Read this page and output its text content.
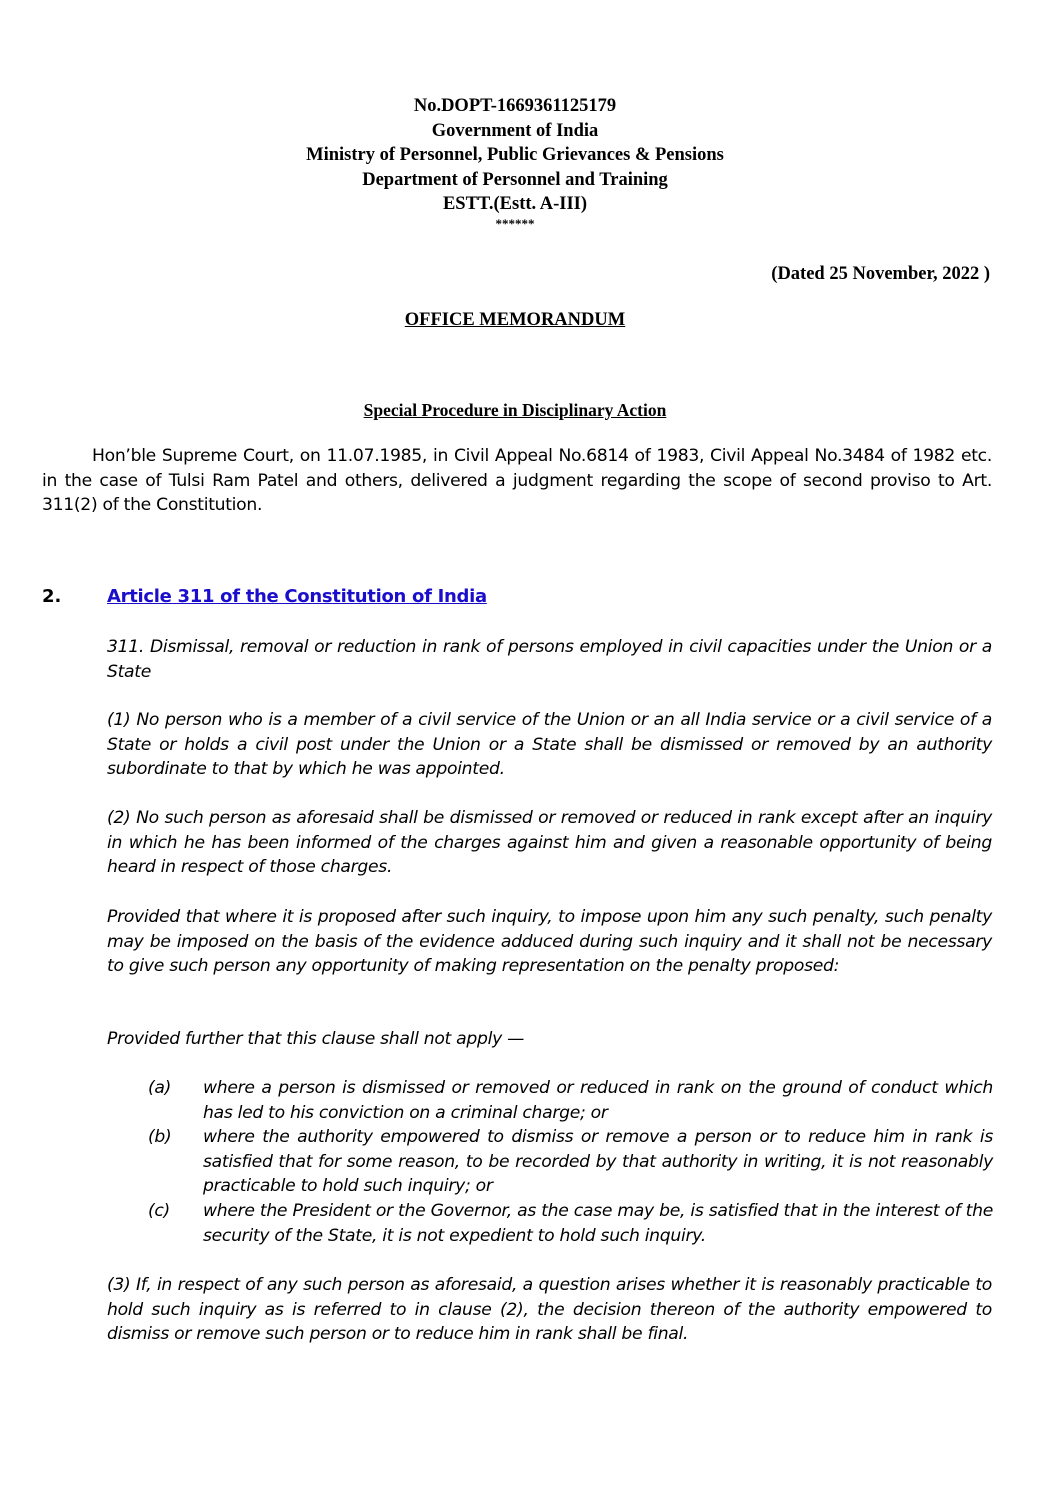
No.DOPT-1669361125179
Government of India
Ministry of Personnel, Public Grievances & Pensions
Department of Personnel and Training
ESTT.(Estt. A-III)
******
(Dated 25 November, 2022 )
OFFICE MEMORANDUM
Special Procedure in Disciplinary Action
Hon’ble Supreme Court, on 11.07.1985, in Civil Appeal No.6814 of 1983, Civil Appeal No.3484 of 1982 etc. in the case of Tulsi Ram Patel and others, delivered a judgment regarding the scope of second proviso to Art. 311(2) of the Constitution.
2.	Article 311 of the Constitution of India
311. Dismissal, removal or reduction in rank of persons employed in civil capacities under the Union or a State
(1) No person who is a member of a civil service of the Union or an all India service or a civil service of a State or holds a civil post under the Union or a State shall be dismissed or removed by an authority subordinate to that by which he was appointed.
(2) No such person as aforesaid shall be dismissed or removed or reduced in rank except after an inquiry in which he has been informed of the charges against him and given a reasonable opportunity of being heard in respect of those charges.
Provided that where it is proposed after such inquiry, to impose upon him any such penalty, such penalty may be imposed on the basis of the evidence adduced during such inquiry and it shall not be necessary to give such person any opportunity of making representation on the penalty proposed:
Provided further that this clause shall not apply —
(a) where a person is dismissed or removed or reduced in rank on the ground of conduct which has led to his conviction on a criminal charge; or
(b) where the authority empowered to dismiss or remove a person or to reduce him in rank is satisfied that for some reason, to be recorded by that authority in writing, it is not reasonably practicable to hold such inquiry; or
(c) where the President or the Governor, as the case may be, is satisfied that in the interest of the security of the State, it is not expedient to hold such inquiry.
(3) If, in respect of any such person as aforesaid, a question arises whether it is reasonably practicable to hold such inquiry as is referred to in clause (2), the decision thereon of the authority empowered to dismiss or remove such person or to reduce him in rank shall be final.
